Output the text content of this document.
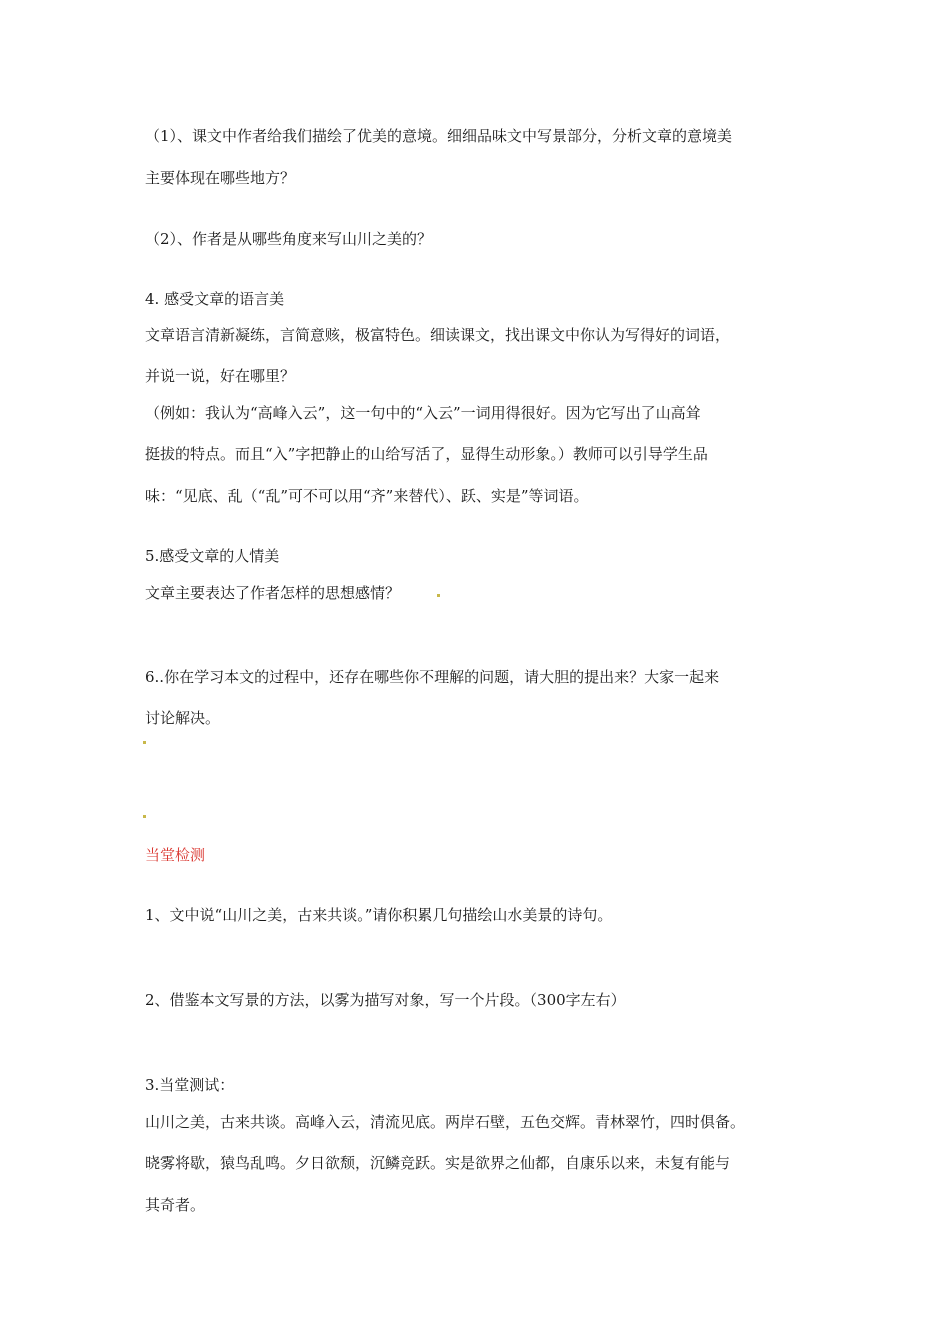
（1）、课文中作者给我们描绘了优美的意境。细细品味文中写景部分，分析文章的意境美
主要体现在哪些地方？
（2）、作者是从哪些角度来写山川之美的？
4. 感受文章的语言美
文章语言清新凝练，言简意赅，极富特色。细读课文，找出课文中你认为写得好的词语，
并说一说，好在哪里？
（例如：我认为“高峰入云”，这一句中的“入云”一词用得很好。因为它写出了山高耸
挺拔的特点。而且“入”字把静止的山给写活了，显得生动形象。）教师可以引导学生品
味：“见底、乱（“乱”可不可以用“齐”来替代）、跃、实是”等词语。
5.感受文章的人情美
文章主要表达了作者怎样的思想感情？
6..你在学习本文的过程中，还存在哪些你不理解的问题，请大胆的提出来？大家一起来
讨论解决。
当堂检测
1、文中说“山川之美，古来共谈。”请你积累几句描绘山水美景的诗句。
2、借鉴本文写景的方法，以雾为描写对象，写一个片段。（300字左右）
3.当堂测试：
山川之美，古来共谈。高峰入云，清流见底。两岸石壁，五色交辉。青林翠竹，四时俱备。
晓雾将歇，猿鸟乱鸣。夕日欲颓，沉鳞竞跃。实是欲界之仙都，自康乐以来，未复有能与
其奇者。
